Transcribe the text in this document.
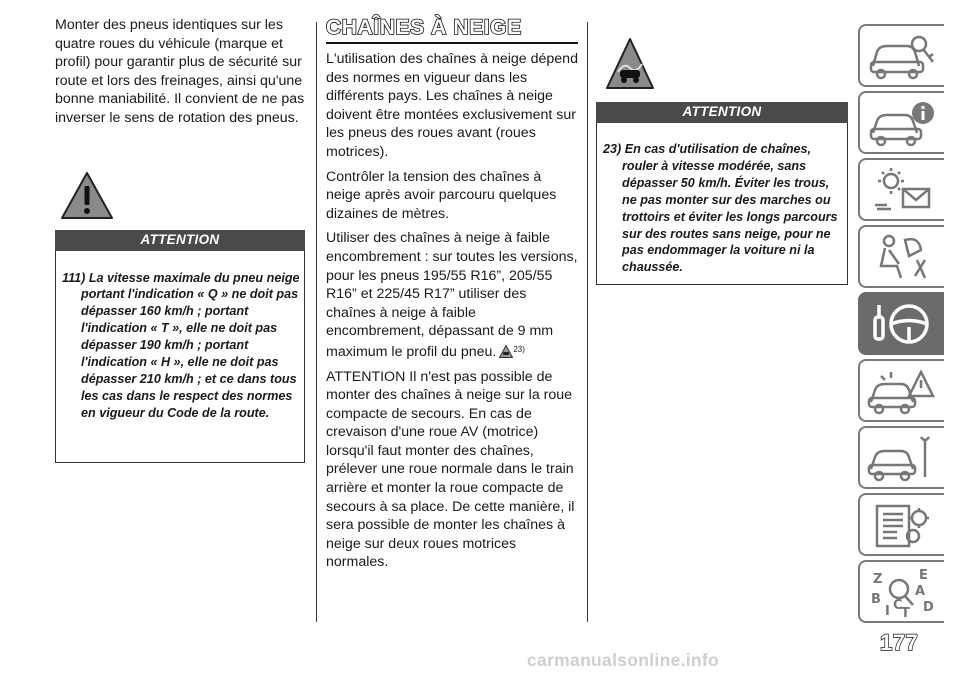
Monter des pneus identiques sur les quatre roues du véhicule (marque et profil) pour garantir plus de sécurité sur route et lors des freinages, ainsi qu'une bonne maniabilité. Il convient de ne pas inverser le sens de rotation des pneus.
ATTENTION
111) La vitesse maximale du pneu neige portant l'indication « Q » ne doit pas dépasser 160 km/h ; portant l'indication « T », elle ne doit pas dépasser 190 km/h ; portant l'indication « H », elle ne doit pas dépasser 210 km/h ; et ce dans tous les cas dans le respect des normes en vigueur du Code de la route.
CHAÎNES À NEIGE

L'utilisation des chaînes à neige dépend des normes en vigueur dans les différents pays. Les chaînes à neige doivent être montées exclusivement sur les pneus des roues avant (roues motrices).

Contrôler la tension des chaînes à neige après avoir parcouru quelques dizaines de mètres.

Utiliser des chaînes à neige à faible encombrement : sur toutes les versions, pour les pneus 195/55 R16”, 205/55 R16” et 225/45 R17” utiliser des chaînes à neige à faible encombrement, dépassant de 9 mm maximum le profil du pneu. $^{23)}$

ATTENTION Il n'est pas possible de monter des chaînes à neige sur la roue compacte de secours. En cas de crevaison d'une roue AV (motrice) lorsqu'il faut monter des chaînes, prélever une roue normale dans le train arrière et monter la roue compacte de secours à sa place. De cette manière, il sera possible de monter les chaînes à neige sur deux roues motrices normales.

ATTENTION
23) En cas d'utilisation de chaînes, rouler à vitesse modérée, sans dépasser 50 km/h. Éviter les trous, ne pas monter sur des marches ou trottoirs et éviter les longs parcours sur des routes sans neige, pour ne pas endommager la voiture ni la chaussée.
Z	E
A
B
I C
T D
177
carmanualsonline.info
